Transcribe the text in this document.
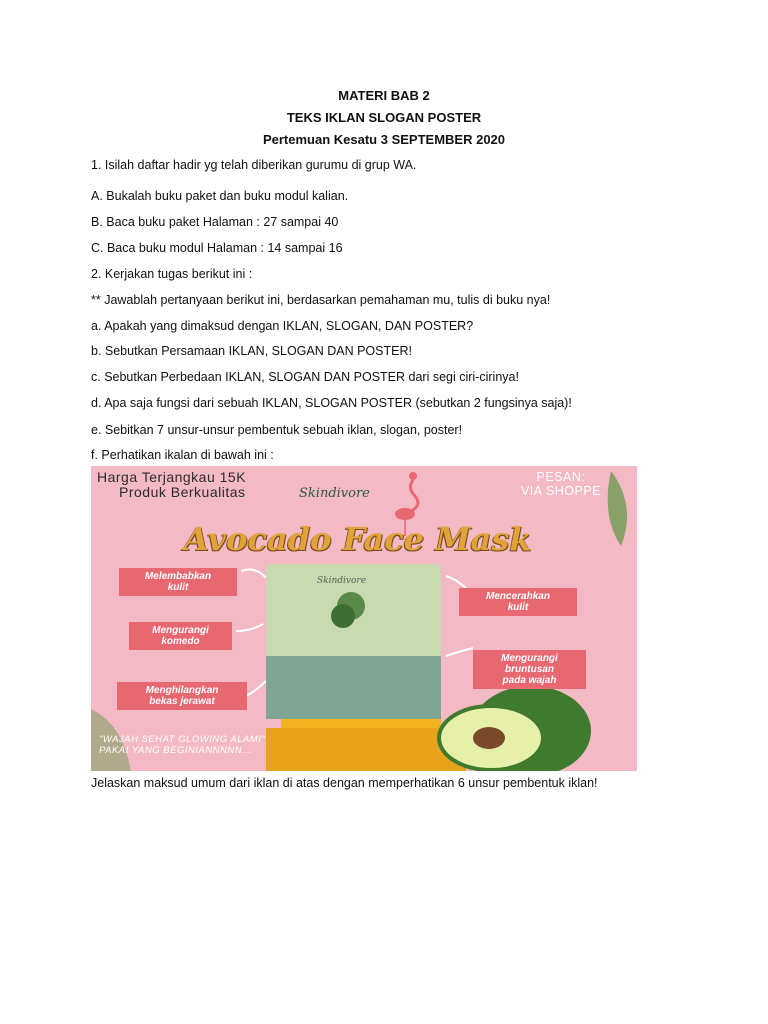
MATERI BAB 2
TEKS IKLAN SLOGAN POSTER
Pertemuan Kesatu 3 SEPTEMBER 2020
1. Isilah daftar hadir yg telah diberikan gurumu di grup WA.
A. Bukalah buku paket dan buku modul kalian.
B. Baca buku paket Halaman : 27 sampai 40
C. Baca buku modul Halaman : 14 sampai 16
2. Kerjakan tugas berikut ini :
** Jawablah pertanyaan berikut ini, berdasarkan pemahaman mu, tulis di buku nya!
a. Apakah yang dimaksud dengan IKLAN, SLOGAN, DAN POSTER?
b. Sebutkan Persamaan IKLAN, SLOGAN DAN POSTER!
c. Sebutkan Perbedaan IKLAN, SLOGAN DAN POSTER dari segi ciri-cirinya!
d. Apa saja fungsi dari sebuah IKLAN, SLOGAN POSTER (sebutkan 2 fungsinya saja)!
e. Sebitkan 7 unsur-unsur pembentuk sebuah iklan, slogan, poster!
f. Perhatikan ikalan di bawah ini :
Harga Terjangkau 15K
Produk Berkualitas
PESAN:
VIA SHOPPE
Skindivore
Avocado Face Mask
Skindivore
Melembabkan
kulit
Mengurangi
komedo
Menghilangkan
bekas jerawat
Mencerahkan
kulit
Mengurangi
bruntusan
pada wajah
"WAJAH SEHAT GLOWING ALAMI"
PAKAI YANG BEGINIANNNNN...
Jelaskan maksud umum dari iklan di atas dengan memperhatikan 6 unsur pembentuk iklan!
